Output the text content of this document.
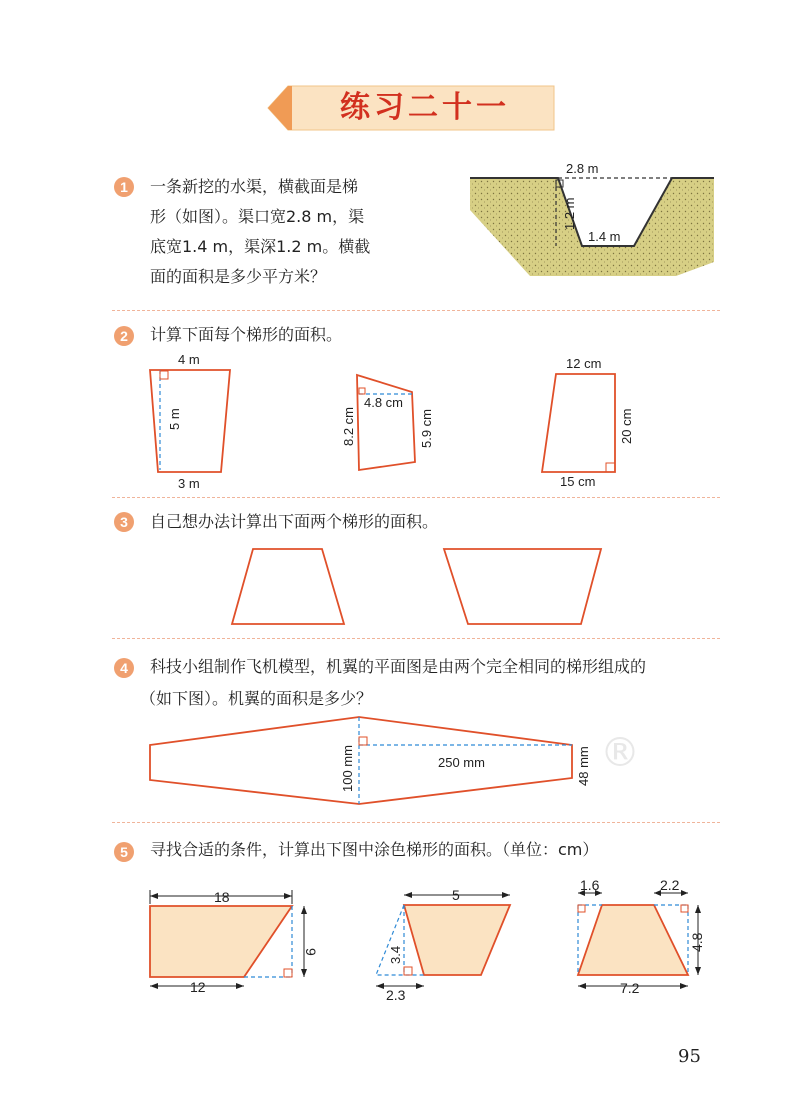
练习二十一
1	一条新挖的水渠，横截面是梯
形（如图）。渠口宽2.8 m，渠
底宽1.4 m，渠深1.2 m。横截
面的面积是多少平方米？
2.8 m
1.2 m
1.4 m
2	计算下面每个梯形的面积。
4 m
5 m
3 m
4.8 cm
8.2 cm	5.9 cm
12 cm
20 cm
15 cm
3	自己想办法计算出下面两个梯形的面积。
4	科技小组制作飞机模型，机翼的平面图是由两个完全相同的梯形组成的
（如下图）。机翼的面积是多少？
®
100 mm	250 mm	48 mm
5	寻找合适的条件，计算出下图中涂色梯形的面积。（单位：cm）
18
12
9
5
3.4
2.3
1.6	2.2
4.8
7.2
95
